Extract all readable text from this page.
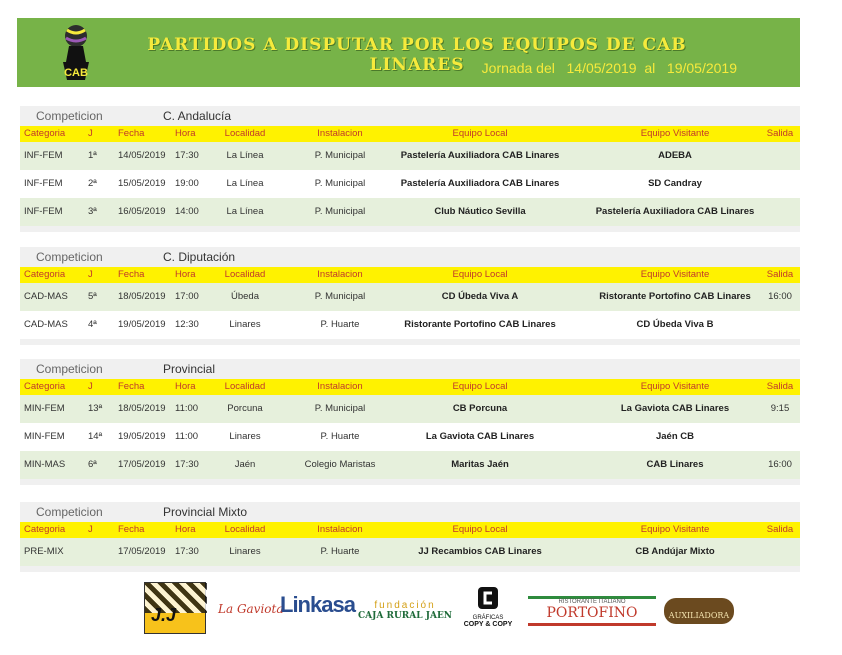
CAB
PARTIDOS A DISPUTAR POR LOS EQUIPOS DE CAB LINARES	Jornada del   14/05/2019  al   19/05/2019
Competicion	C. Andalucía
Categoria J	Fecha	Hora	Localidad	Instalacion	Equipo Local	Equipo Visitante	Salida
INF-FEM	1ª 14/05/2019 17:30	La Línea	P. Municipal	Pastelería Auxiliadora CAB Linares	ADEBA
INF-FEM	2ª 15/05/2019 19:00	La Línea	P. Municipal	Pastelería Auxiliadora CAB Linares	SD Candray
INF-FEM	3ª 16/05/2019 14:00	La Línea	P. Municipal	Club Náutico Sevilla	Pastelería Auxiliadora CAB Linares
Competicion	C. Diputación
Categoria J	Fecha	Hora	Localidad	Instalacion	Equipo Local	Equipo Visitante	Salida
CAD-MAS 5ª 18/05/2019 17:00	Úbeda	P. Municipal	CD Úbeda Viva A	Ristorante Portofino CAB Linares	16:00
CAD-MAS 4ª 19/05/2019 12:30	Linares	P. Huarte	Ristorante Portofino CAB Linares	CD Úbeda Viva B
Competicion	Provincial
Categoria J	Fecha	Hora	Localidad	Instalacion	Equipo Local	Equipo Visitante	Salida
MIN-FEM 13ª 18/05/2019 11:00	Porcuna	P. Municipal	CB Porcuna	La Gaviota CAB Linares	9:15
MIN-FEM 14ª 19/05/2019 11:00	Linares	P. Huarte	La Gaviota CAB Linares	Jaén CB
MIN-MAS 6ª 17/05/2019 17:30	Jaén	Colegio Maristas	Maritas Jaén	CAB Linares	16:00
Competicion	Provincial Mixto
Categoria J	Fecha	Hora	Localidad	Instalacion	Equipo Local	Equipo Visitante	Salida
PRE-MIX	17/05/2019 17:30	Linares	P. Huarte	JJ Recambios CAB Linares	CB Andújar Mixto
J.J	La Gaviota
Linkasa	fundación
CAJA RURAL JAEN	GRÁFICAS
COPY & COPY
RISTORANTE ITALIANO
PORTOFINO	AUXILIADORA
